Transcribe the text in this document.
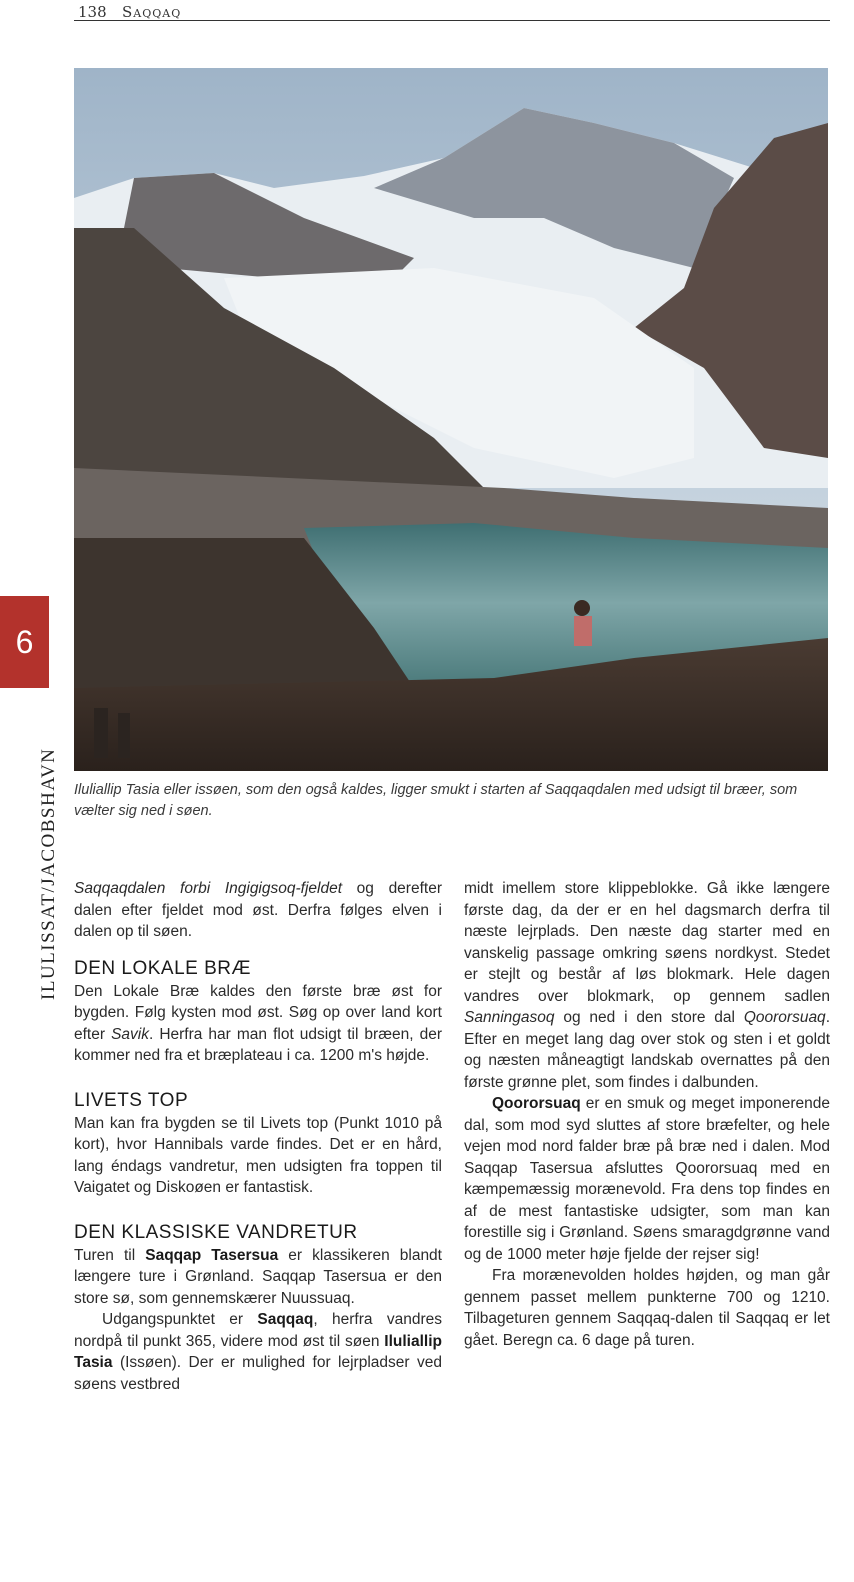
138 Saqqaq
Iluliallip Tasia eller issøen, som den også kaldes, ligger smukt i starten af Saqqaqdalen med udsigt til bræer, som vælter sig ned i søen.
6
ILULISSAT/JACOBSHAVN Saqqaqdalen forbi Ingigigsoq-fjeldet og derefter dalen efter fjeldet mod øst. Derfra følges elven i dalen op til søen.

DEN LOKALE BRÆ

Den Lokale Bræ kaldes den første bræ øst for bygden. Følg kysten mod øst. Søg op over land kort efter Savik. Herfra har man flot udsigt til bræen, der kommer ned fra et bræplateau i ca. 1200 m's højde.

LIVETS TOP

Man kan fra bygden se til Livets top (Punkt 1010 på kort), hvor Hannibals varde findes. Det er en hård, lang éndags vandretur, men udsigten fra toppen til Vaigatet og Diskoøen er fantastisk.

DEN KLASSISKE VANDRETUR

Turen til Saqqap Tasersua er klassikeren blandt længere ture i Grønland. Saqqap Tasersua er den store sø, som gennemskærer Nuussuaq.

Udgangspunktet er Saqqaq, herfra vandres nordpå til punkt 365, videre mod øst til søen Iluliallip Tasia (Issøen). Der er mulighed for lejrpladser ved søens vestbred

midt imellem store klippeblokke. Gå ikke længere første dag, da der er en hel dagsmarch derfra til næste lejrplads. Den næste dag starter med en vanskelig passage omkring søens nordkyst. Stedet er stejlt og består af løs blokmark. Hele dagen vandres over blokmark, op gennem sadlen Sanningasoq og ned i den store dal Qoororsuaq. Efter en meget lang dag over stok og sten i et goldt og næsten måneagtigt landskab overnattes på den første grønne plet, som findes i dalbunden.

Qoororsuaq er en smuk og meget imponerende dal, som mod syd sluttes af store bræfelter, og hele vejen mod nord falder bræ på bræ ned i dalen. Mod Saqqap Tasersua afsluttes Qoororsuaq med en kæmpemæssig morænevold. Fra dens top findes en af de mest fantastiske udsigter, som man kan forestille sig i Grønland. Søens smaragdgrønne vand og de 1000 meter høje fjelde der rejser sig!

Fra morænevolden holdes højden, og man går gennem passet mellem punkterne 700 og 1210. Tilbageturen gennem Saqqaq-dalen til Saqqaq er let gået. Beregn ca. 6 dage på turen.
